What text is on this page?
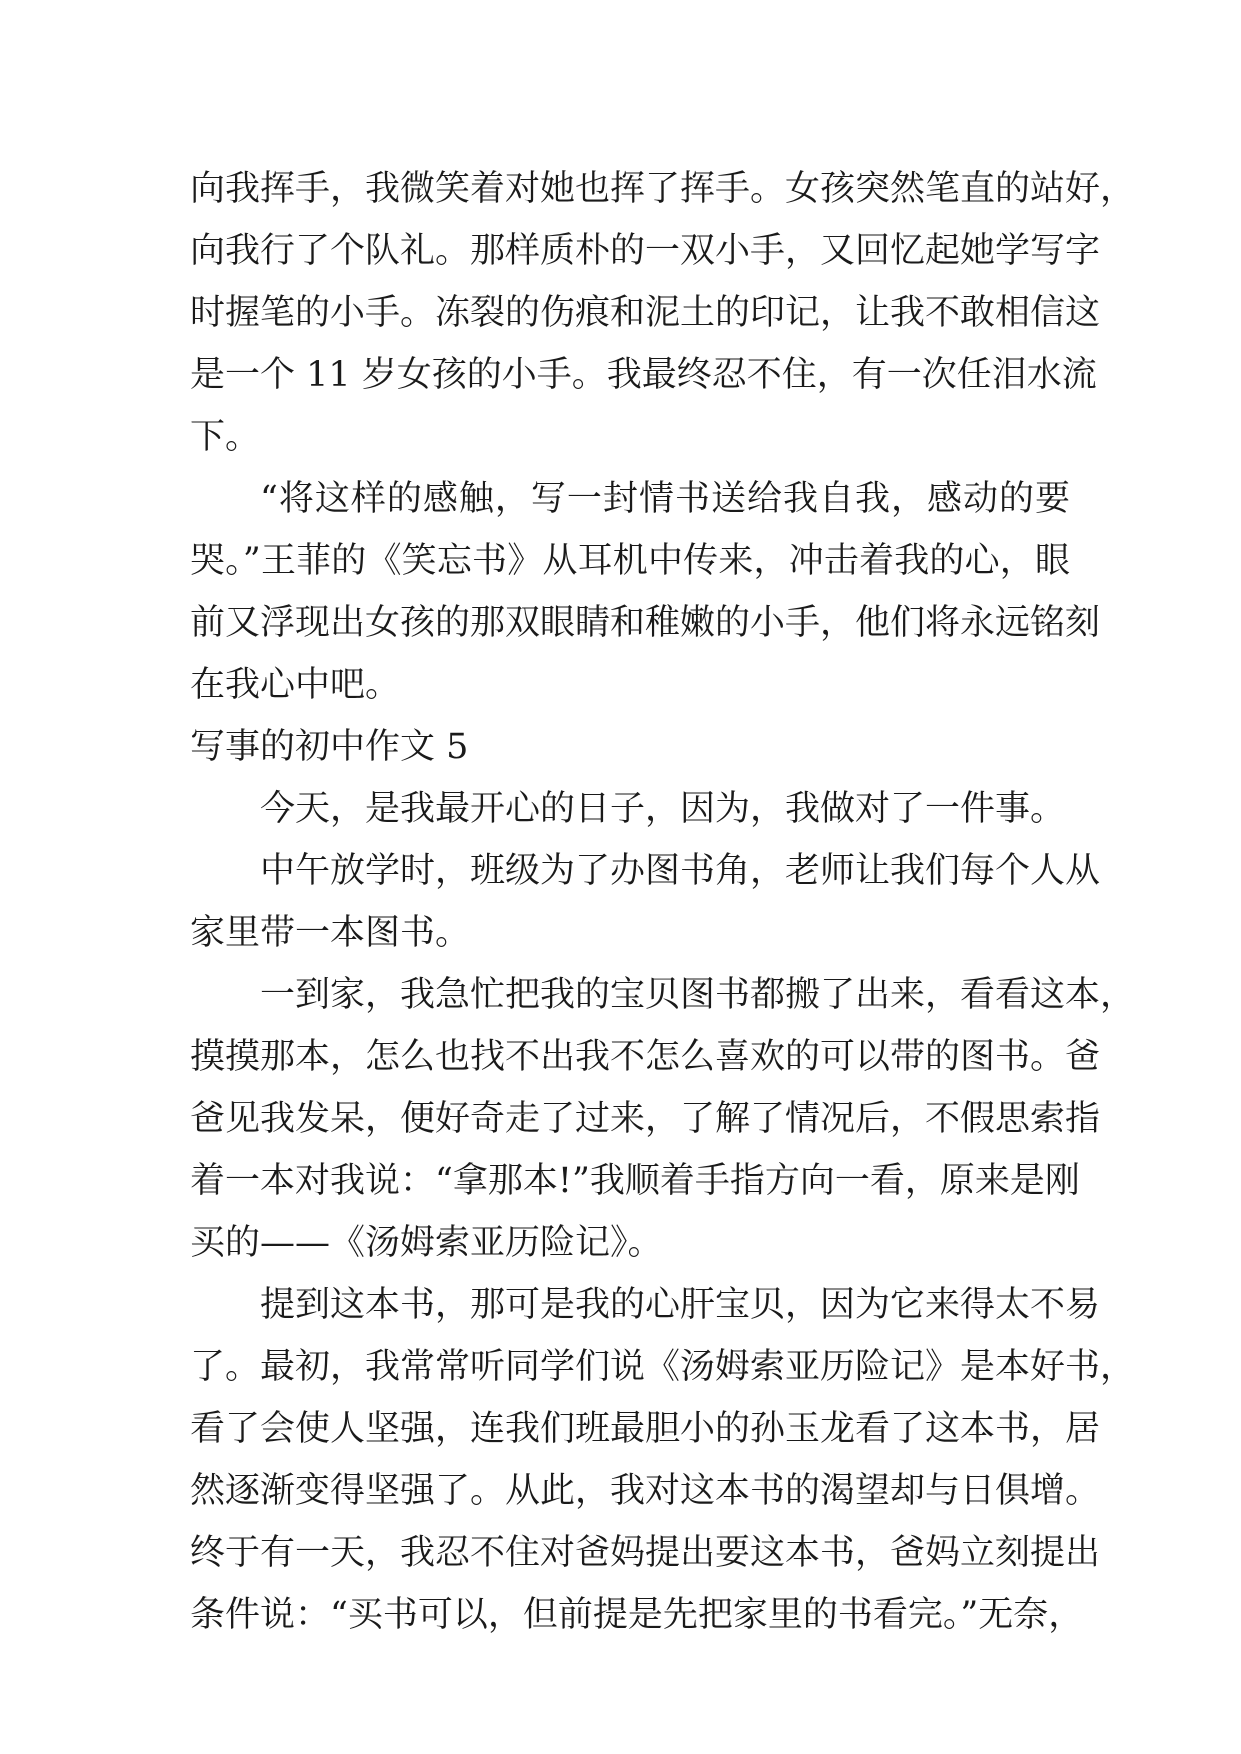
向我挥手，我微笑着对她也挥了挥手。女孩突然笔直的站好，
向我行了个队礼。那样质朴的一双小手，又回忆起她学写字
时握笔的小手。冻裂的伤痕和泥土的印记，让我不敢相信这
是一个 11 岁女孩的小手。我最终忍不住，有一次任泪水流
下。
“将这样的感触，写一封情书送给我自我，感动的要
哭。”王菲的《笑忘书》从耳机中传来，冲击着我的心，眼
前又浮现出女孩的那双眼睛和稚嫩的小手，他们将永远铭刻
在我心中吧。
写事的初中作文 5
今天，是我最开心的日子，因为，我做对了一件事。
中午放学时，班级为了办图书角，老师让我们每个人从
家里带一本图书。
一到家，我急忙把我的宝贝图书都搬了出来，看看这本，
摸摸那本，怎么也找不出我不怎么喜欢的可以带的图书。爸
爸见我发呆，便好奇走了过来，了解了情况后，不假思索指
着一本对我说：“拿那本!”我顺着手指方向一看，原来是刚
买的——《汤姆索亚历险记》。
提到这本书，那可是我的心肝宝贝，因为它来得太不易
了。最初，我常常听同学们说《汤姆索亚历险记》是本好书，
看了会使人坚强，连我们班最胆小的孙玉龙看了这本书，居
然逐渐变得坚强了。从此，我对这本书的渴望却与日俱增。
终于有一天，我忍不住对爸妈提出要这本书，爸妈立刻提出
条件说：“买书可以，但前提是先把家里的书看完。”无奈，
